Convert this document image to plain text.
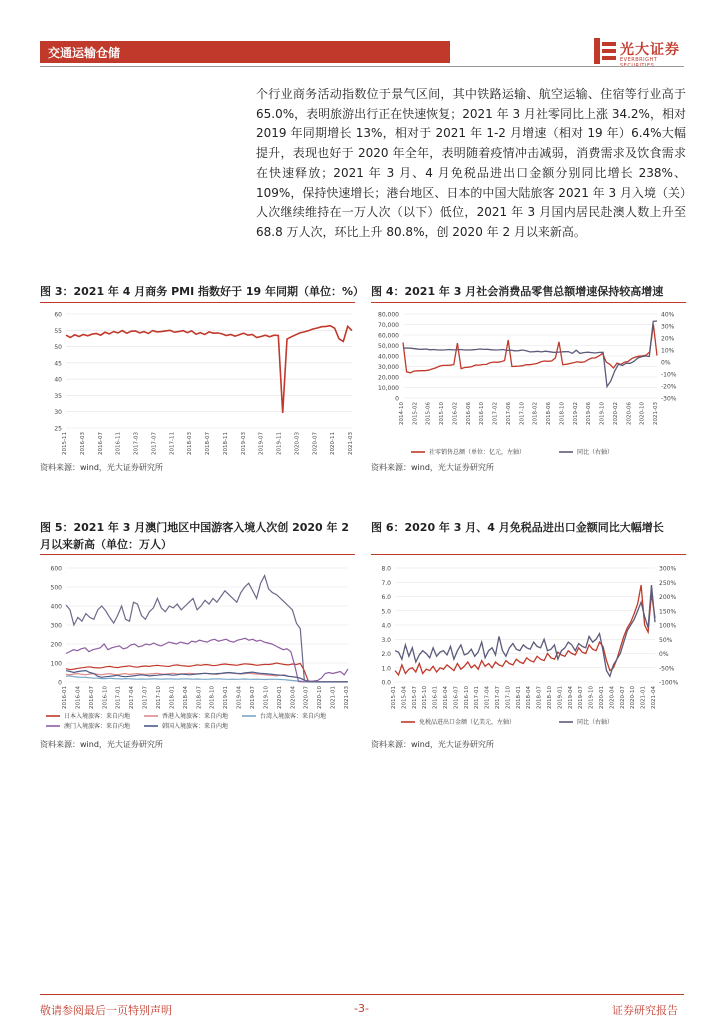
交通运输仓储	光大证券
EVERBRIGHT

个行业商务活动指数位于景气区间，其中铁路运输、航空运输、住宿等行业高于65.0%，表明旅游出行正在快速恢复；2021 年 3 月社零同比上涨 34.2%，相对 2019 年同期增长 13%，相对于 2021 年 1-2 月增速（相对 19 年）6.4%大幅提升，表现也好于 2020 年全年，表明随着疫情冲击减弱，消费需求及饮食需求在快速释放；2021 年 3 月、4 月免税品进出口金额分别同比增长 238%、109%，保持快速增长；港台地区、日本的中国大陆旅客 2021 年 3 月入境（关）人次继续维持在一万人次（以下）低位，2021 年 3 月国内居民赴澳人数上升至 68.8 万人次，环比上升 80.8%，创 2020 年 2 月以来新高。

图 3：2021 年 4 月商务 PMI 指数好于 19 年同期（单位：%）

25
30
35
40
45
50
55
60
2015-11 2016-03 2016-07 2016-11 2017-03 2017-07 2017-11 2018-03 2018-07 2018-11 2019-03 2019-07 2019-11 2020-03 2020-07 2020-11 2021-03
资料来源：wind，光大证券研究所

图 4：2021 年 3 月社会消费品零售总额增速保持较高增速

0
10,000
20,000
30,000
40,000
50,000
60,000
70,000
80,000
-30%
-20%
-10%
0%
10%
20%
30%
40%
2014-10 2015-02 2015-06 2015-10 2016-02 2016-06 2016-10 2017-02 2017-06 2017-10 2018-02 2018-06 2018-10 2019-02 2019-06 2019-10 2020-02 2020-06 2020-10 2021-03
社零销售总额（单位：亿元，左轴）	同比（右轴）
资料来源：wind，光大证券研究所

图 5：2021 年 3 月澳门地区中国游客入境人次创 2020 年 2 月以来新高（单位：万人）

0
100
200
300
400
500
600
2016-01 2016-04 2016-07 2016-10 2017-01 2017-04 2017-07 2017-10 2018-01 2018-04 2018-07 2018-10 2019-01 2019-04 2019-07 2019-10 2020-01 2020-04 2020-07 2020-10 2021-01 2021-03
日本入境旅客：来自内地	香港入境旅客：来自内地	台湾入境旅客：来自内地
澳门入境旅客：来自内地	韩国入境旅客：来自内地
资料来源：wind，光大证券研究所

图 6：2020 年 3 月、4 月免税品进出口金额同比大幅增长

0.0
1.0
2.0
3.0
4.0
5.0
6.0
7.0
8.0
-100%
-50%
0%
50%
100%
150%
200%
250%
300%
2015-01 2015-04 2015-07 2015-10 2016-01 2016-04 2016-07 2016-10 2017-01 2017-04 2017-07 2017-10 2018-01 2018-04 2018-07 2018-10 2019-01 2019-04 2019-07 2019-10 2020-01 2020-04 2020-07 2020-10 2021-01 2021-04
免税品进出口金额（亿美元，左轴）	同比（右轴）
资料来源：wind，光大证券研究所
敬请参阅最后一页特别声明	-3-	证券研究报告
